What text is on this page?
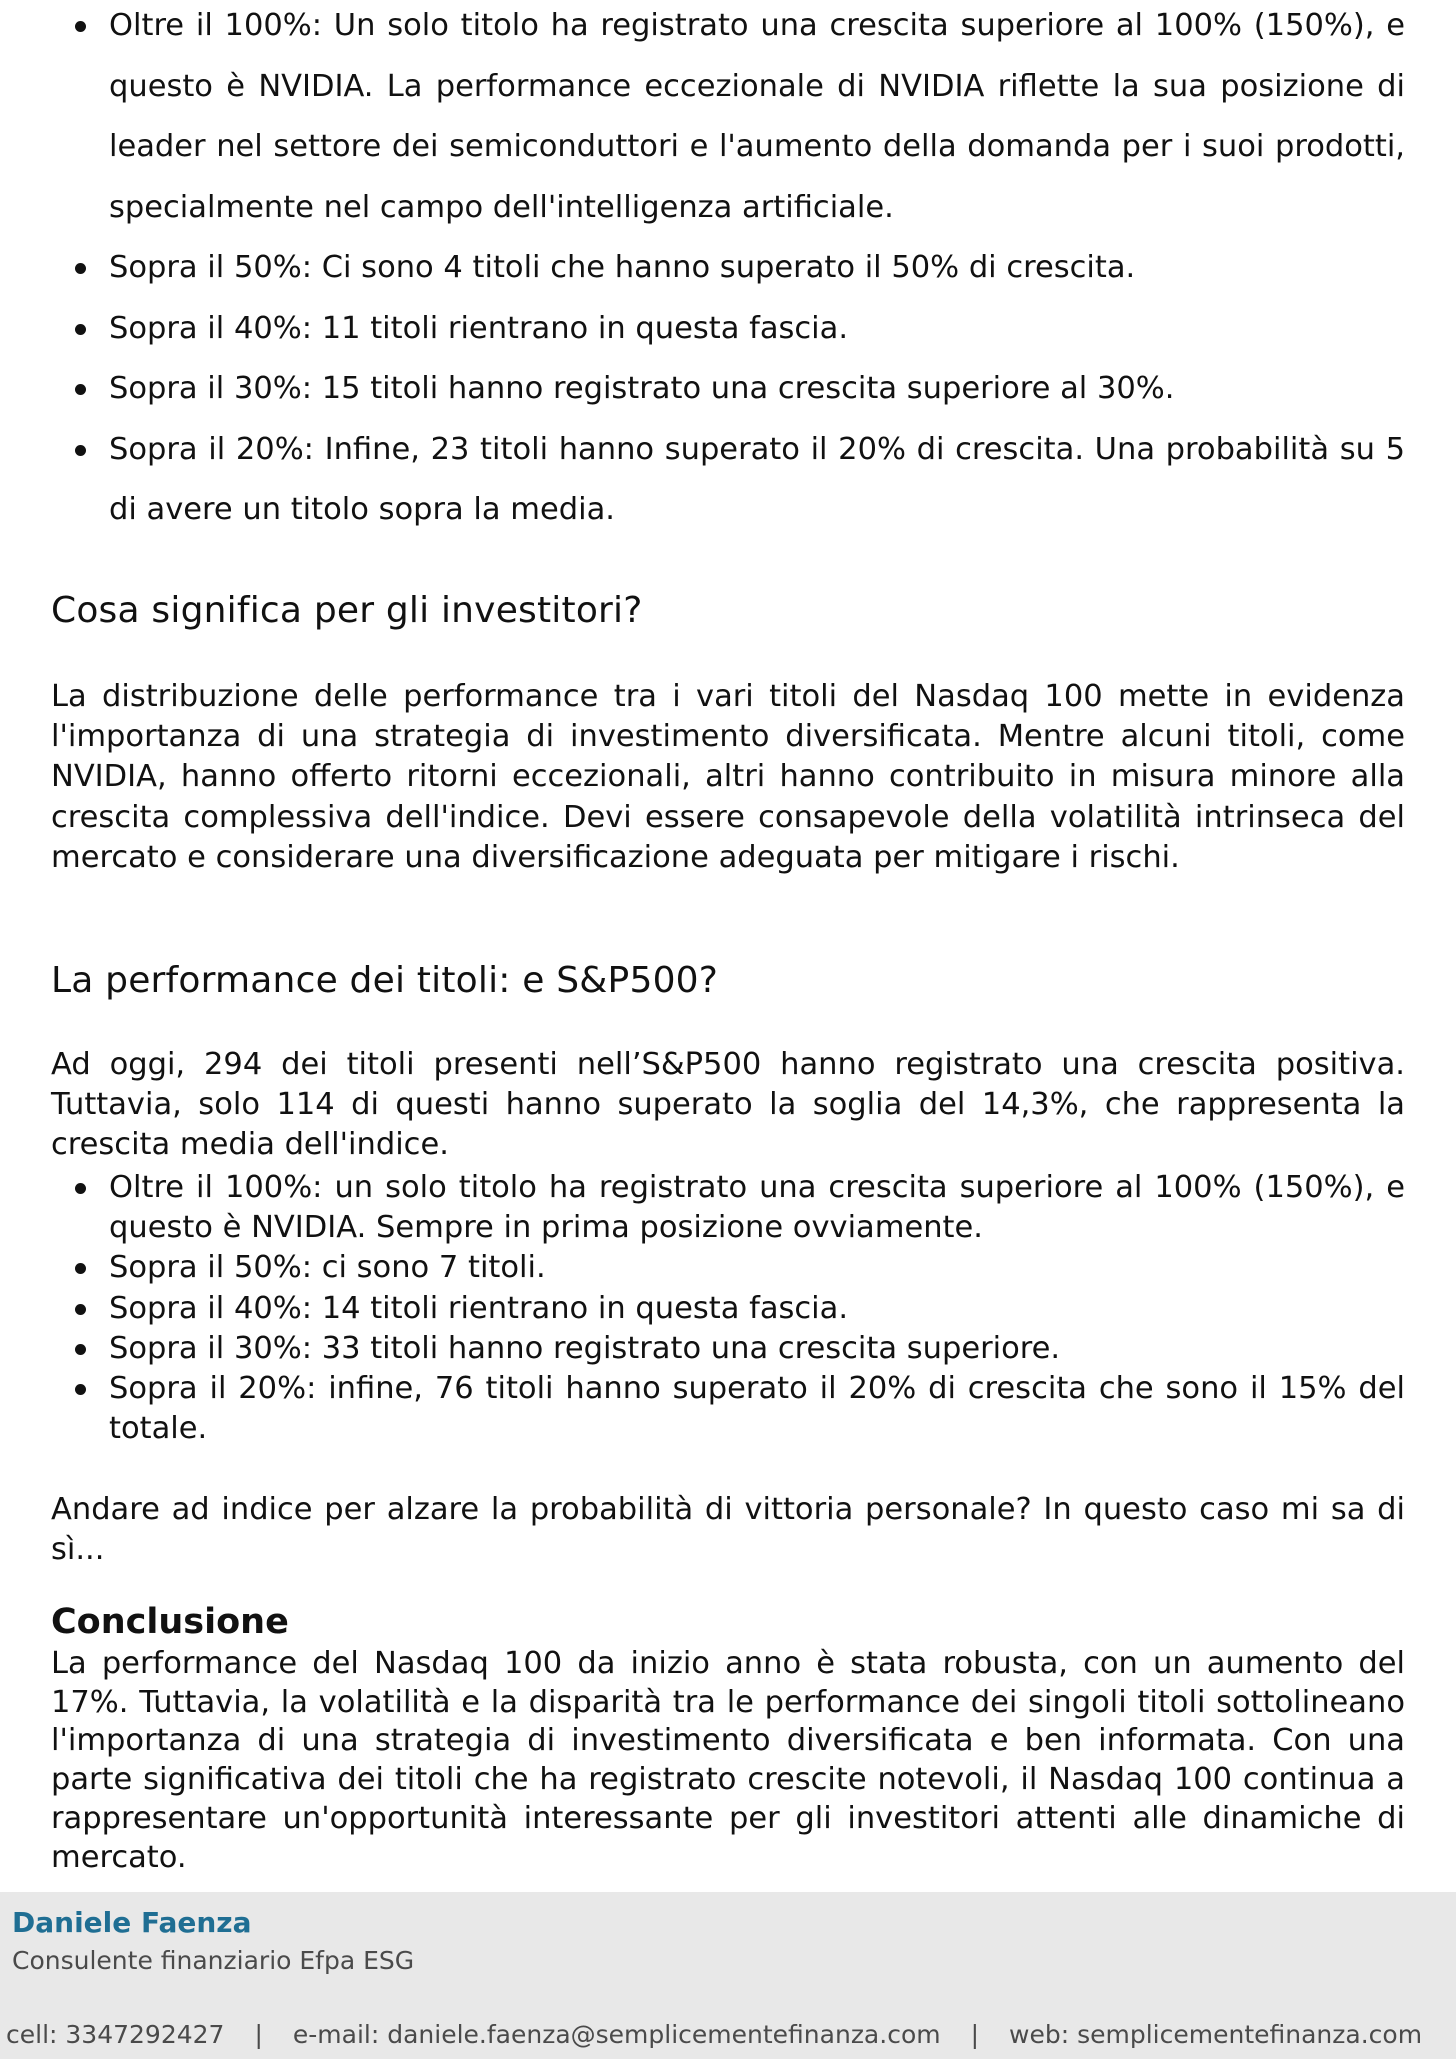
Oltre il 100%: Un solo titolo ha registrato una crescita superiore al 100% (150%), e questo è NVIDIA. La performance eccezionale di NVIDIA riflette la sua posizione di leader nel settore dei semiconduttori e l'aumento della domanda per i suoi prodotti, specialmente nel campo dell'intelligenza artificiale.
Sopra il 50%: Ci sono 4 titoli che hanno superato il 50% di crescita.
Sopra il 40%: 11 titoli rientrano in questa fascia.
Sopra il 30%: 15 titoli hanno registrato una crescita superiore al 30%.
Sopra il 20%: Infine, 23 titoli hanno superato il 20% di crescita. Una probabilità su 5 di avere un titolo sopra la media.
Cosa significa per gli investitori?

La distribuzione delle performance tra i vari titoli del Nasdaq 100 mette in evidenza l'importanza di una strategia di investimento diversificata. Mentre alcuni titoli, come NVIDIA, hanno offerto ritorni eccezionali, altri hanno contribuito in misura minore alla crescita complessiva dell'indice. Devi essere consapevole della volatilità intrinseca del mercato e considerare una diversificazione adeguata per mitigare i rischi.

La performance dei titoli: e S&P500?

Ad oggi, 294 dei titoli presenti nell’S&P500 hanno registrato una crescita positiva. Tuttavia, solo 114 di questi hanno superato la soglia del 14,3%, che rappresenta la crescita media dell'indice.

Oltre il 100%: un solo titolo ha registrato una crescita superiore al 100% (150%), e questo è NVIDIA. Sempre in prima posizione ovviamente.
Sopra il 50%: ci sono 7 titoli.
Sopra il 40%: 14 titoli rientrano in questa fascia.
Sopra il 30%: 33 titoli hanno registrato una crescita superiore.
Sopra il 20%: infine, 76 titoli hanno superato il 20% di crescita che sono il 15% del totale.

Andare ad indice per alzare la probabilità di vittoria personale? In questo caso mi sa di sì...

Conclusione

La performance del Nasdaq 100 da inizio anno è stata robusta, con un aumento del 17%. Tuttavia, la volatilità e la disparità tra le performance dei singoli titoli sottolineano l'importanza di una strategia di investimento diversificata e ben informata. Con una parte significativa dei titoli che ha registrato crescite notevoli, il Nasdaq 100 continua a rappresentare un'opportunità interessante per gli investitori attenti alle dinamiche di mercato.

Daniele Faenza
Consulente finanziario Efpa ESG
cell: 3347292427 | e-mail: daniele.faenza@semplicementefinanza.com | web: semplicementefinanza.com
